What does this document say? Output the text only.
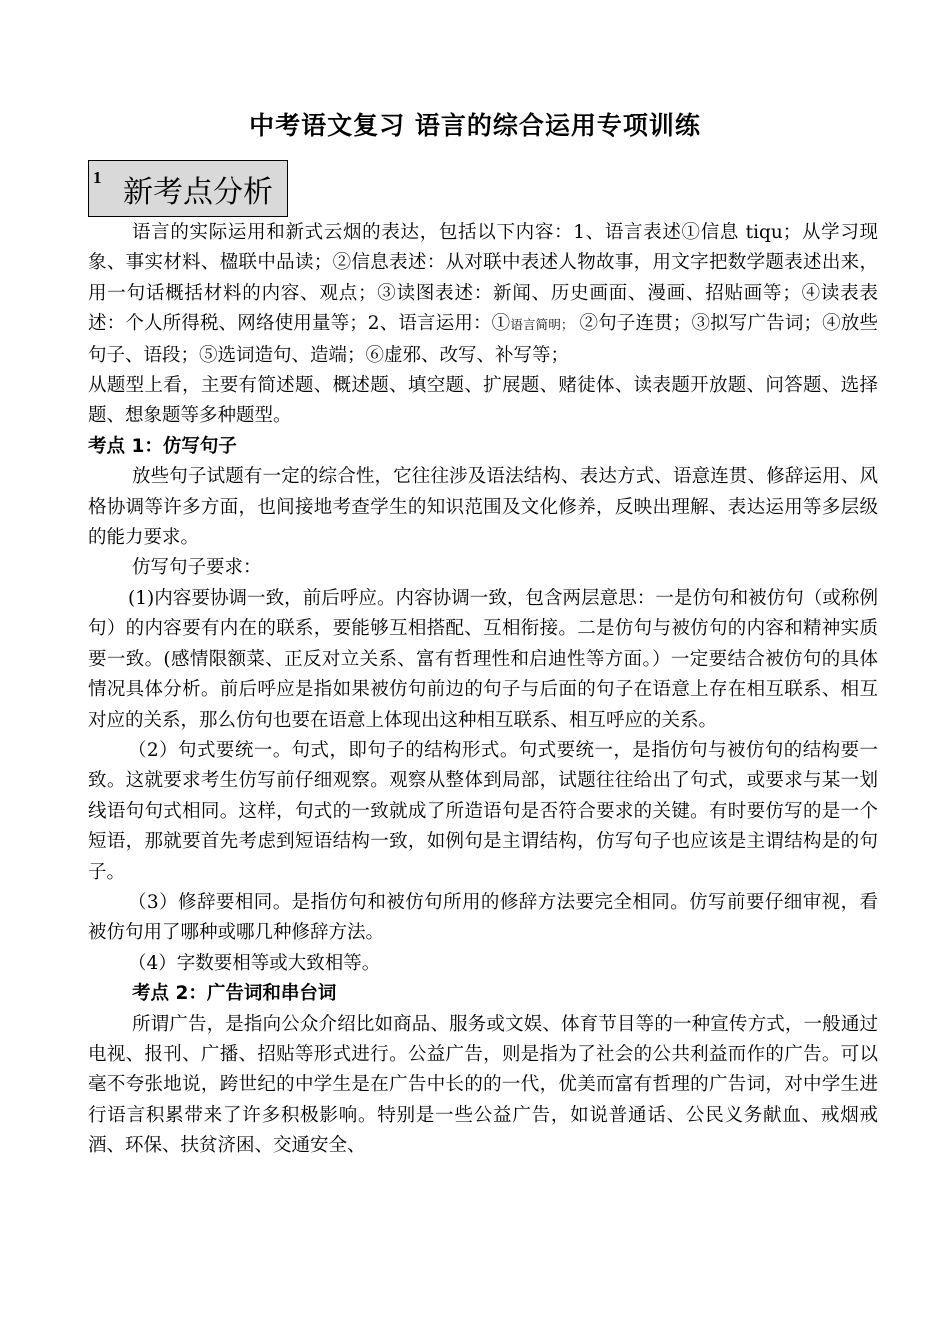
中考语文复习 语言的综合运用专项训练
1 新考点分析

语言的实际运用和新式云烟的表达，包括以下内容：1、语言表述①信息 tiqu；从学习现象、事实材料、楹联中品读；②信息表述：从对联中表述人物故事，用文字把数学题表述出来，用一句话概括材料的内容、观点；③读图表述：新闻、历史画面、漫画、招贴画等；④读表表述：个人所得税、网络使用量等；2、语言运用：①语言简明； ②句子连贯；③拟写广告词；④放些句子、语段；⑤选词造句、造端；⑥虚邪、改写、补写等；

从题型上看，主要有简述题、概述题、填空题、扩展题、赌徒体、读表题开放题、问答题、选择题、想象题等多种题型。

考点 1：仿写句子

放些句子试题有一定的综合性，它往往涉及语法结构、表达方式、语意连贯、修辞运用、风格协调等许多方面，也间接地考查学生的知识范围及文化修养，反映出理解、表达运用等多层级的能力要求。

仿写句子要求：

(1)内容要协调一致，前后呼应。内容协调一致，包含两层意思：一是仿句和被仿句（或称例句）的内容要有内在的联系，要能够互相搭配、互相衔接。二是仿句与被仿句的内容和精神实质要一致。(感情限额菜、正反对立关系、富有哲理性和启迪性等方面。）一定要结合被仿句的具体情况具体分析。前后呼应是指如果被仿句前边的句子与后面的句子在语意上存在相互联系、相互对应的关系，那么仿句也要在语意上体现出这种相互联系、相互呼应的关系。

（2）句式要统一。句式，即句子的结构形式。句式要统一，是指仿句与被仿句的结构要一致。这就要求考生仿写前仔细观察。观察从整体到局部，试题往往给出了句式，或要求与某一划线语句句式相同。这样，句式的一致就成了所造语句是否符合要求的关键。有时要仿写的是一个短语，那就要首先考虑到短语结构一致，如例句是主谓结构，仿写句子也应该是主谓结构是的句子。

（3）修辞要相同。是指仿句和被仿句所用的修辞方法要完全相同。仿写前要仔细审视，看被仿句用了哪种或哪几种修辞方法。

（4）字数要相等或大致相等。

考点 2：广告词和串台词

所谓广告，是指向公众介绍比如商品、服务或文娱、体育节目等的一种宣传方式，一般通过电视、报刊、广播、招贴等形式进行。公益广告，则是指为了社会的公共利益而作的广告。可以毫不夸张地说，跨世纪的中学生是在广告中长的的一代，优美而富有哲理的广告词，对中学生进行语言积累带来了许多积极影响。特别是一些公益广告，如说普通话、公民义务献血、戒烟戒酒、环保、扶贫济困、交通安全、
